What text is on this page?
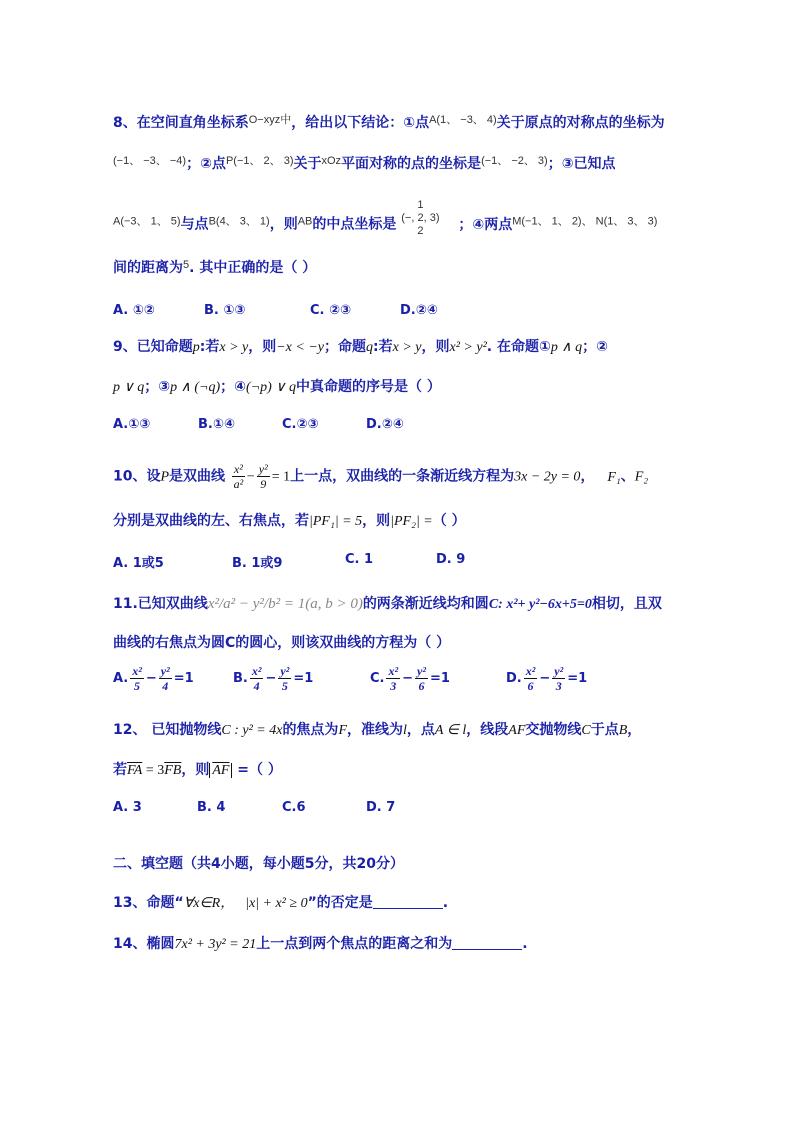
8、在空间直角坐标系$^{O-xyz中}$，给出以下结论：①点$^{A(1、 -3、 4)}$关于原点的对称点的坐标为
$^{(-1、 -3、 -4)}$；②点$^{P(-1、 2、 3)}$关于$^{xOz}$平面对称的点的坐标是$^{(-1、 -2、 3)}$；③已知点
$^{A(-3、 1、 5)}$与点$^{B(4、 3、 1)}$，则$^{AB}$的中点坐标是
1
(−, 2, 3)
2	；④两点$^{M(-1、 1、 2)、 N(1、 3、 3)}$
间的距离为$^5$. 其中正确的是（ ）
A. ①②	B. ①③	C. ②③	D.②④
9、已知命题p:若x > y，则−x < −y；命题q:若x > y，则x² > y². 在命题①p ∧ q；②
p ∨ q；③p ∧ (¬q)；④(¬p) ∨ q中真命题的序号是（ ）
A.①③	B.①④	C.②③	D.②④
10、设P是双曲线 $\frac{\text{x²}}{\text{a²}} - \frac{\text{y²}}{9} = 1$上一点，双曲线的一条渐近线方程为3x − 2y = 0， F₁、F₂
分别是双曲线的左、右焦点，若|PF₁| = 5，则|PF₂| =（ ）
A. 1或5	B. 1或9	C. 1	D. 9
11.已知双曲线x²/a² − y²/b² = 1(a, b > 0)的两条渐近线均和圆C: x²+ y²−6x+5=0相切，且双
曲线的右焦点为圆C的圆心，则该双曲线的方程为（ ）
A. $\frac{\text{x²}}{5} - \frac{\text{y²}}{4} =1$	B. $\frac{\text{x²}}{4} - \frac{\text{y²}}{5} =1$	C. $\frac{\text{x²}}{3} - \frac{\text{y²}}{6} =1$	D. $\frac{\text{x²}}{6} - \frac{\text{y²}}{3} =1$
12、 已知抛物线C : y² = 4x的焦点为F，准线为l，点A ∈ l，线段AF交抛物线C于点B，
若$\overline{FA} = 3\overline{FB}$，则 $\overline{AF}$ =（ ）
A. 3	B. 4	C.6	D. 7
二、填空题（共4小题，每小题5分，共20分）
13、命题“∀x∈R， |x| + x² ≥ 0”的否定是	.
14、椭圆7x² + 3y² = 21上一点到两个焦点的距离之和为	.
